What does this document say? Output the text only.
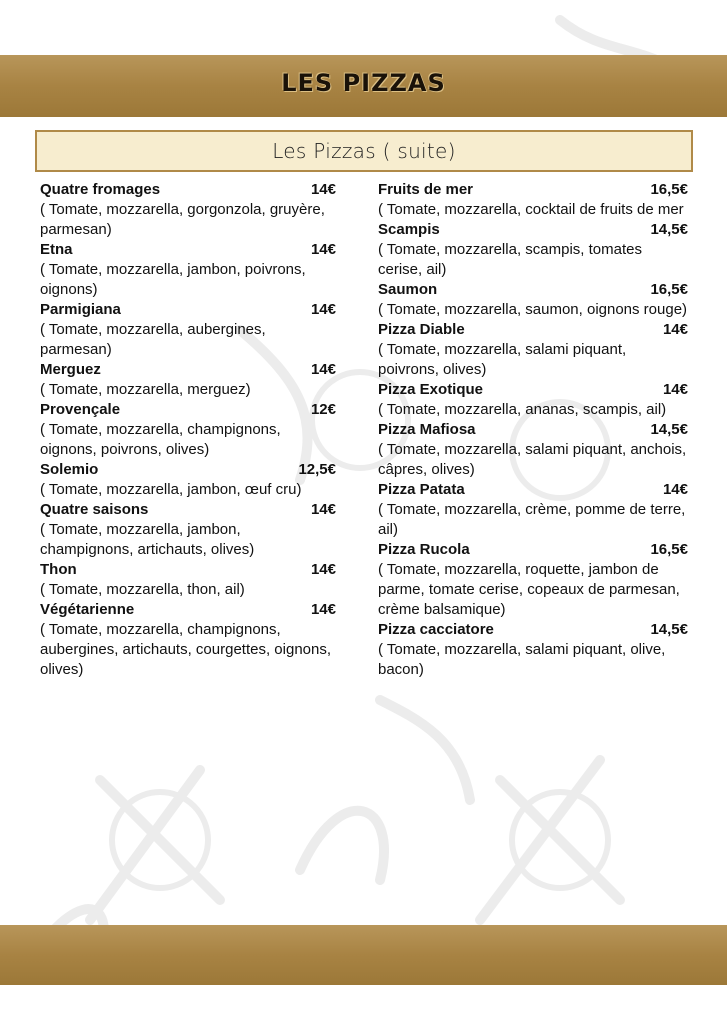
LES PIZZAS
Les Pizzas ( suite)
Quatre fromages	14€
( Tomate, mozzarella, gorgonzola, gruyère, parmesan)
Etna	14€
( Tomate, mozzarella, jambon, poivrons, oignons)
Parmigiana	14€
( Tomate, mozzarella, aubergines, parmesan)
Merguez	14€
( Tomate, mozzarella, merguez)
Provençale	12€
( Tomate, mozzarella, champignons, oignons, poivrons, olives)
Solemio	12,5€
( Tomate, mozzarella, jambon, œuf cru)
Quatre saisons	14€
( Tomate, mozzarella, jambon, champignons, artichauts, olives)
Thon	14€
( Tomate, mozzarella, thon, ail)
Végétarienne	14€
( Tomate, mozzarella, champignons, aubergines, artichauts, courgettes, oignons, olives)
Fruits de mer	16,5€
( Tomate, mozzarella, cocktail de fruits de mer
Scampis	14,5€
( Tomate, mozzarella, scampis, tomates cerise, ail)
Saumon	16,5€
( Tomate, mozzarella, saumon, oignons rouge)
Pizza Diable	14€
( Tomate, mozzarella, salami piquant, poivrons, olives)
Pizza Exotique	14€
( Tomate, mozzarella, ananas, scampis, ail)
Pizza Mafiosa	14,5€
( Tomate, mozzarella, salami piquant, anchois, câpres, olives)
Pizza Patata	14€
( Tomate, mozzarella, crème, pomme de terre, ail)
Pizza Rucola	16,5€
( Tomate, mozzarella, roquette, jambon de parme, tomate cerise, copeaux de parmesan, crème balsamique)
Pizza cacciatore	14,5€
( Tomate, mozzarella, salami piquant, olive, bacon)
